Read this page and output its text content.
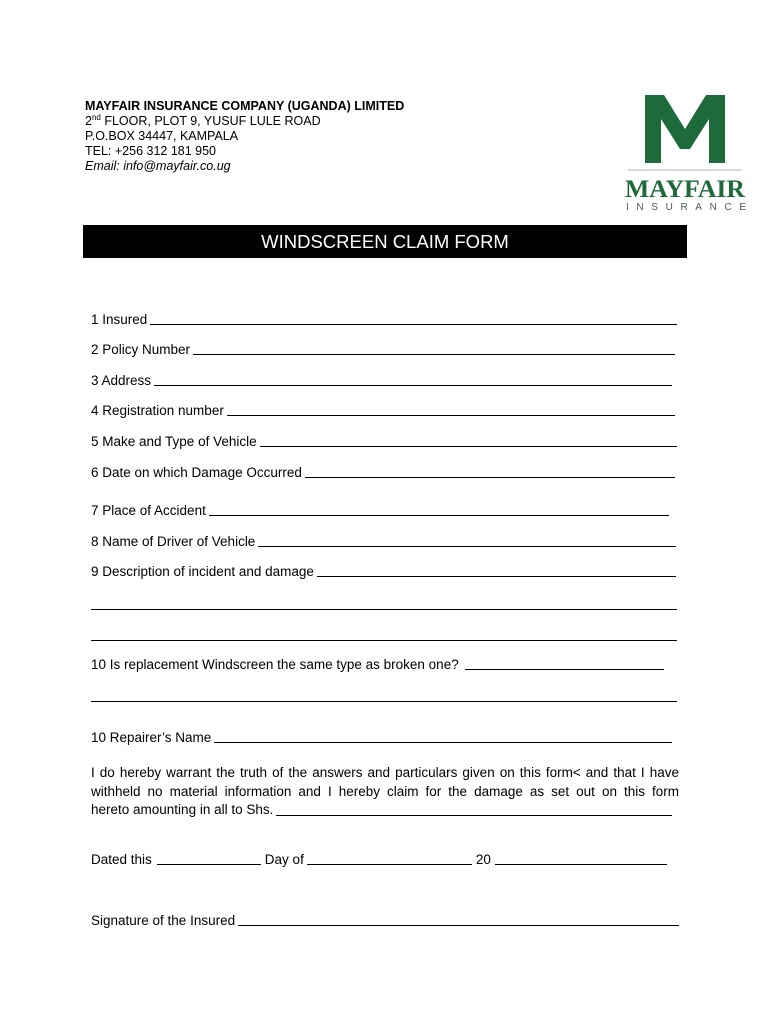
MAYFAIR INSURANCE COMPANY (UGANDA) LIMITED
2nd FLOOR, PLOT 9, YUSUF LULE ROAD
P.O.BOX 34447, KAMPALA
TEL: +256 312 181 950
Email: info@mayfair.co.ug
MAYFAIR
INSURANCE
WINDSCREEN CLAIM FORM
1 Insured
2 Policy Number
3 Address
4 Registration number
5 Make and Type of Vehicle
6 Date on which Damage Occurred
7 Place of Accident
8 Name of Driver of Vehicle
9 Description of incident and damage
10 Is replacement Windscreen the same type as broken one?
10 Repairer’s Name
I do hereby warrant the truth of the answers and particulars given on this form< and that I have
withheld no material information and I hereby claim for the damage as set out on this form
hereto amounting in all to Shs.
Dated this	Day of	20
Signature of the Insured
